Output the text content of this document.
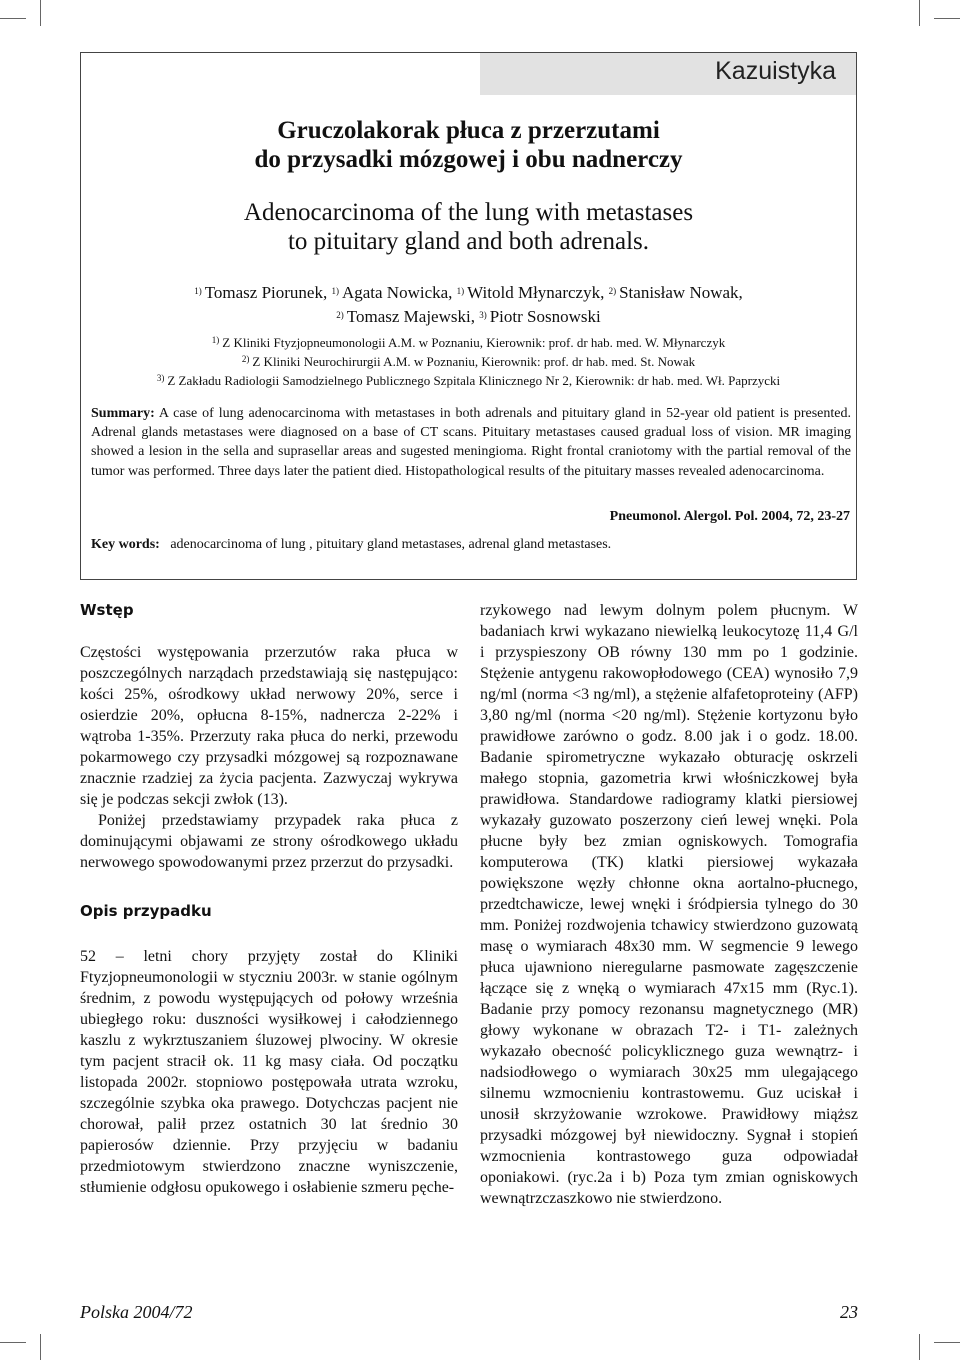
Kazuistyka
Gruczolakorak płuca z przerzutami
do przysadki mózgowej i obu nadnerczy
Adenocarcinoma of the lung with metastases
to pituitary gland and both adrenals.
$^{1)}$ Tomasz Piorunek, $^{1)}$ Agata Nowicka, $^{1)}$ Witold Młynarczyk, $^{2)}$ Stanisław Nowak,
$^{2)}$ Tomasz Majewski, $^{3)}$ Piotr Sosnowski
$^{1)}$ Z Kliniki Ftyzjopneumonologii A.M. w Poznaniu, Kierownik: prof. dr hab. med. W. Młynarczyk
$^{2)}$ Z Kliniki Neurochirurgii A.M. w Poznaniu, Kierownik: prof. dr hab. med. St. Nowak
$^{3)}$ Z Zakładu Radiologii Samodzielnego Publicznego Szpitala Klinicznego Nr 2, Kierownik: dr hab. med. Wł. Paprzycki
Summary: A case of lung adenocarcinoma with metastases in both adrenals and pituitary gland in 52-year old patient is presented. Adrenal glands metastases were diagnosed on a base of CT scans. Pituitary metastases caused gradual loss of vision. MR imaging showed a lesion in the sella and suprasellar areas and sugested meningioma. Right frontal craniotomy with the partial removal of the tumor was performed. Three days later the patient died. Histopathological results of the pituitary masses revealed adenocarcinoma.
Pneumonol. Alergol. Pol. 2004, 72, 23-27
Key words: adenocarcinoma of lung , pituitary gland metastases, adrenal gland metastases.
Wstęp

Częstości występowania przerzutów raka płuca w poszczególnych narządach przedstawiają się następująco: kości 25%, ośrodkowy układ nerwowy 20%, serce i osierdzie 20%, opłucna 8-15%, nadnercza 2-22% i wątroba 1-35%. Przerzuty raka płuca do nerki, przewodu pokarmowego czy przysadki mózgowej są rozpoznawane znacznie rzadziej za życia pacjenta. Zazwyczaj wykrywa się je podczas sekcji zwłok (13).

Poniżej przedstawiamy przypadek raka płuca z dominującymi objawami ze strony ośrodkowego układu nerwowego spowodowanymi przez przerzut do przysadki.

Opis przypadku

52 – letni chory przyjęty został do Kliniki Ftyzjopneumonologii w styczniu 2003r. w stanie ogólnym średnim, z powodu występujących od połowy września ubiegłego roku: duszności wysiłkowej i całodziennego kaszlu z wykrztuszaniem śluzowej plwociny. W okresie tym pacjent stracił ok. 11 kg masy ciała. Od początku listopada 2002r. stopniowo postępowała utrata wzroku, szczególnie szybka oka prawego. Dotychczas pacjent nie chorował, palił przez ostatnich 30 lat średnio 30 papierosów dziennie. Przy przyjęciu w badaniu przedmiotowym stwierdzono znaczne wyniszczenie, stłumienie odgłosu opukowego i osłabienie szmeru pęche-

rzykowego nad lewym dolnym polem płucnym. W badaniach krwi wykazano niewielką leukocytozę 11,4 G/l i przyspieszony OB równy 130 mm po 1 godzinie. Stężenie antygenu rakowopłodowego (CEA) wynosiło 7,9 ng/ml (norma <3 ng/ml), a stężenie alfafetoproteiny (AFP) 3,80 ng/ml (norma <20 ng/ml). Stężenie kortyzonu było prawidłowe zarówno o godz. 8.00 jak i o godz. 18.00. Badanie spirometryczne wykazało obturację oskrzeli małego stopnia, gazometria krwi włośniczkowej była prawidłowa. Standardowe radiogramy klatki piersiowej wykazały guzowato poszerzony cień lewej wnęki. Pola płucne były bez zmian ogniskowych. Tomografia komputerowa (TK) klatki piersiowej wykazała powiększone węzły chłonne okna aortalno-płucnego, przedtchawicze, lewej wnęki i śródpiersia tylnego do 30 mm. Poniżej rozdwojenia tchawicy stwierdzono guzowatą masę o wymiarach 48x30 mm. W segmencie 9 lewego płuca ujawniono nieregularne pasmowate zagęszczenie łączące się z wnęką o wymiarach 47x15 mm (Ryc.1). Badanie przy pomocy rezonansu magnetycznego (MR) głowy wykonane w obrazach T2- i T1- zależnych wykazało obecność policyklicznego guza wewnątrz- i nadsiodłowego o wymiarach 30x25 mm ulegającego silnemu wzmocnieniu kontrastowemu. Guz uciskał i unosił skrzyżowanie wzrokowe. Prawidłowy miąższ przysadki mózgowej był niewidoczny. Sygnał i stopień wzmocnienia kontrastowego guza odpowiadał oponiakowi. (ryc.2a i b) Poza tym zmian ogniskowych wewnątrzczaszkowo nie stwierdzono.

Polska 2004/72	23
